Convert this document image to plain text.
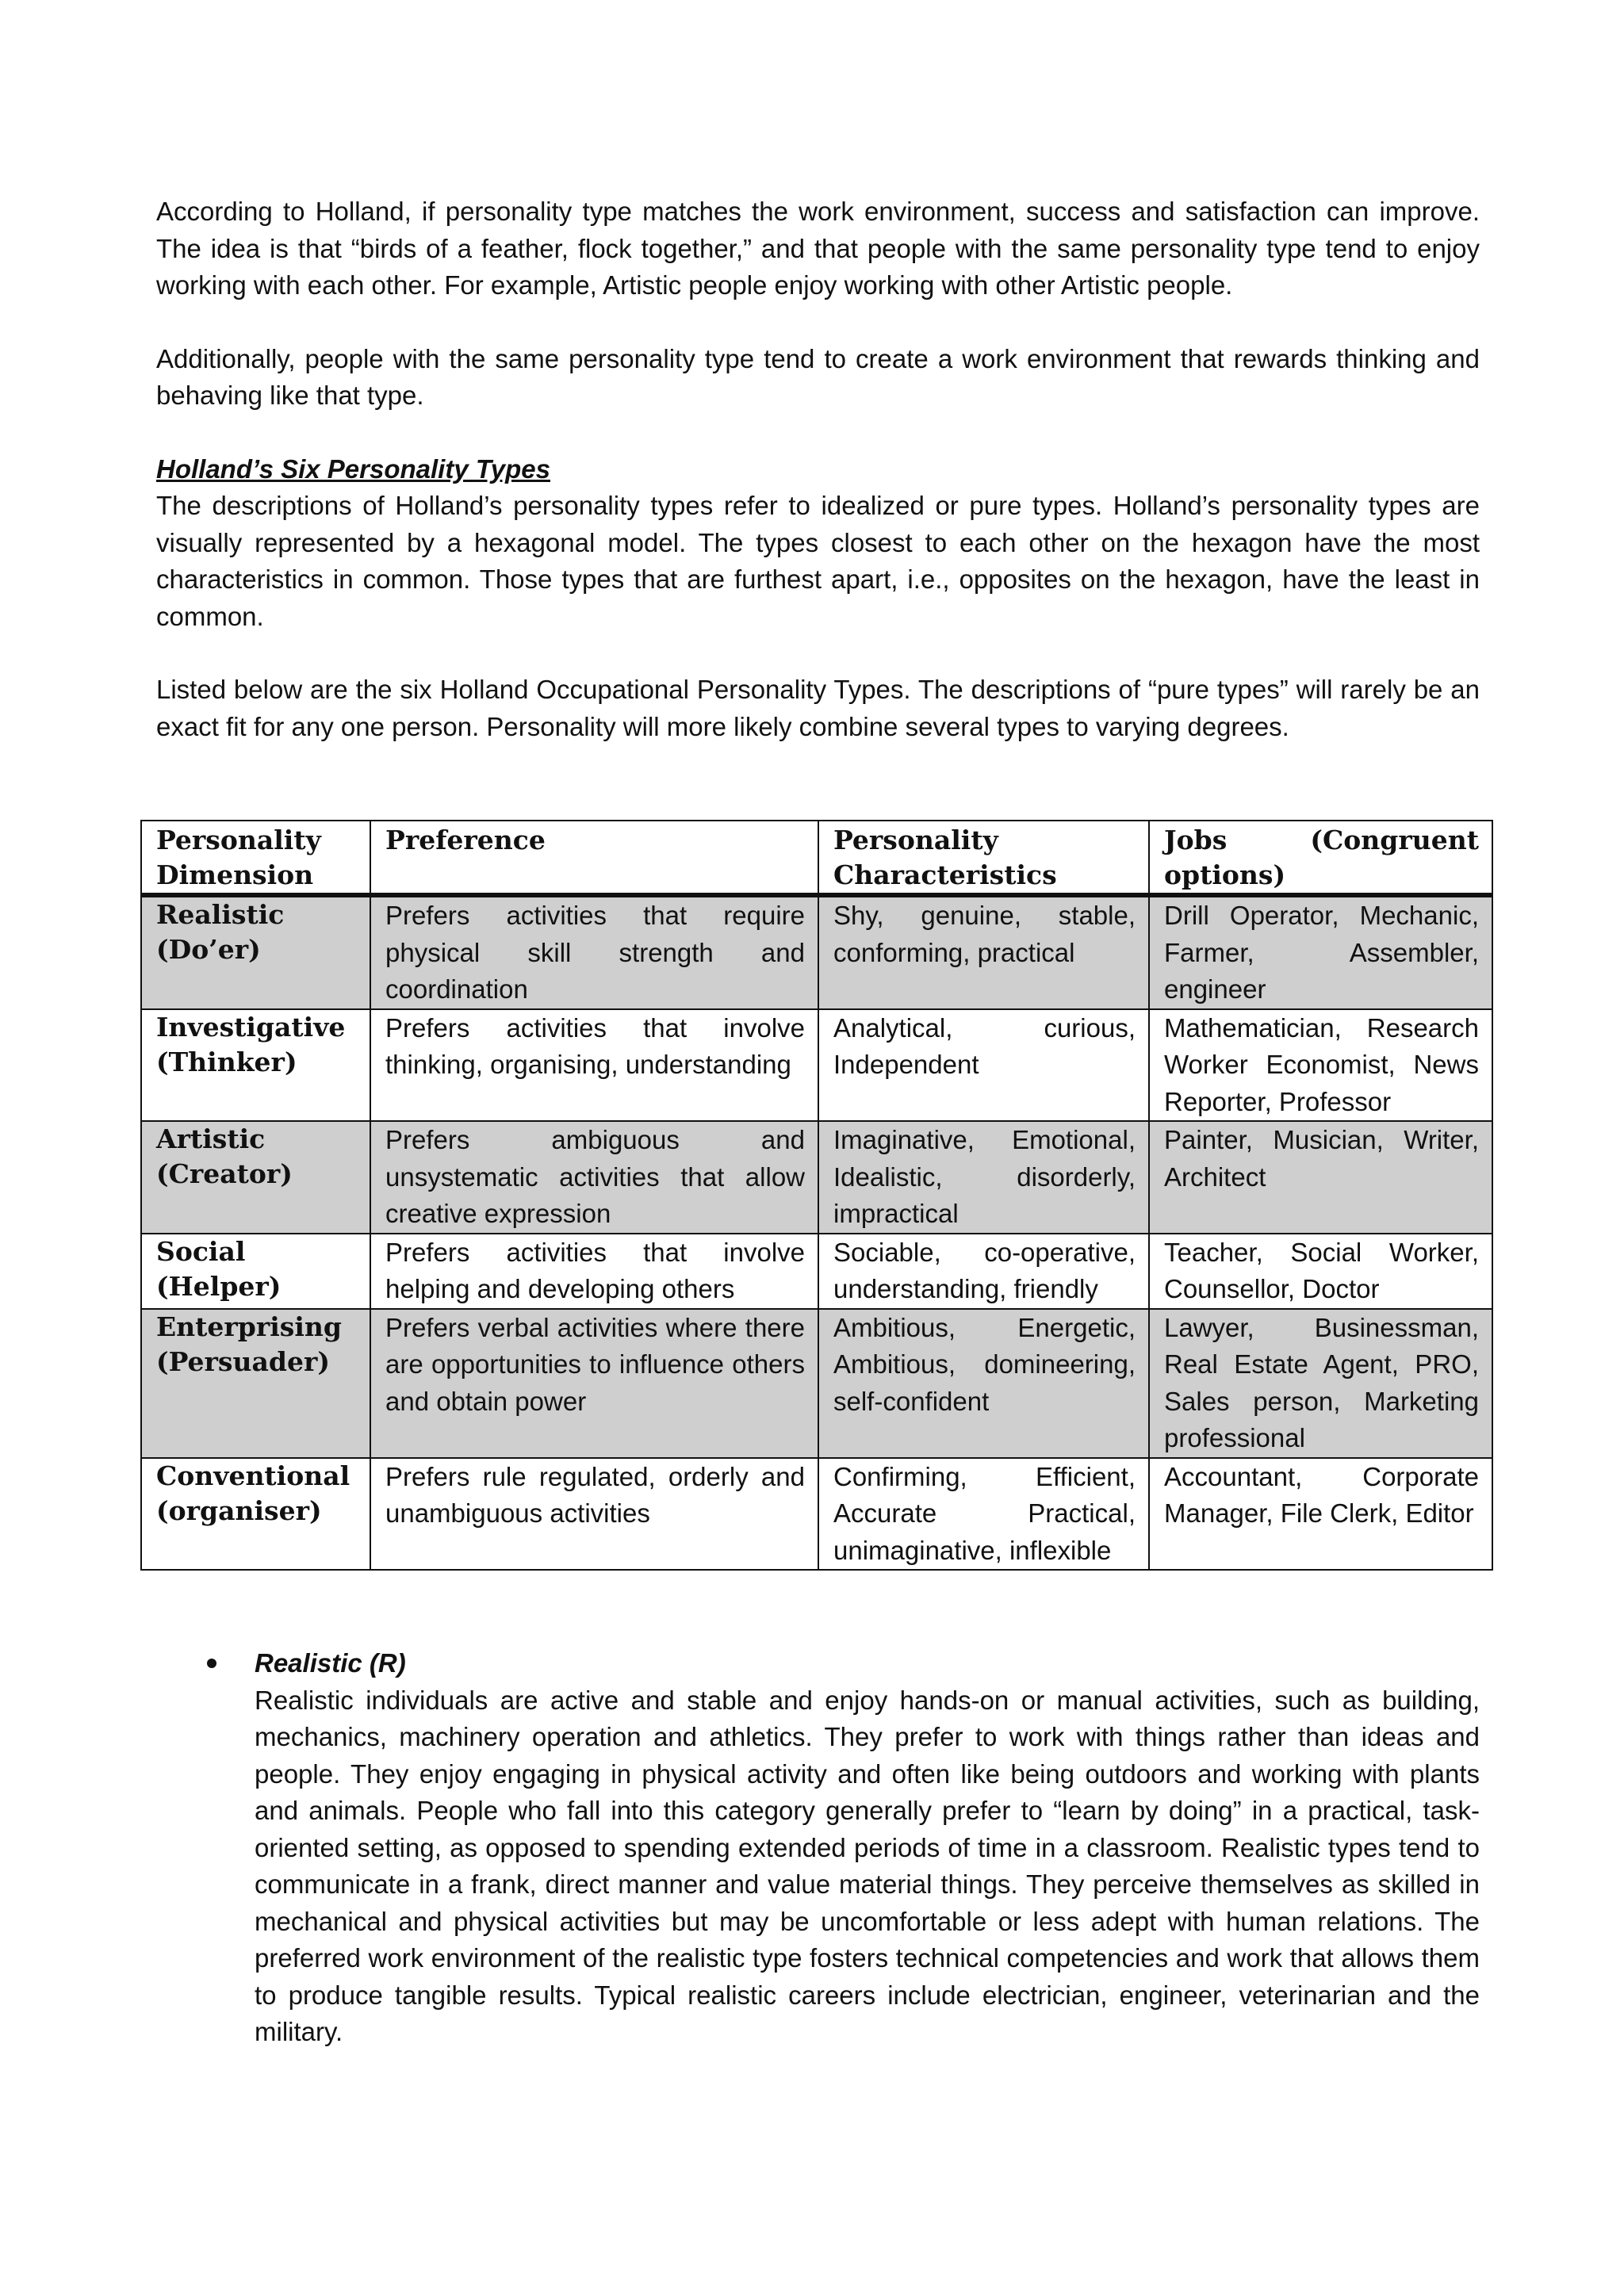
According to Holland, if personality type matches the work environment, success and satisfaction can improve. The idea is that “birds of a feather, flock together,” and that people with the same personality type tend to enjoy working with each other. For example, Artistic people enjoy working with other Artistic people.

Additionally, people with the same personality type tend to create a work environment that rewards thinking and behaving like that type.

Holland’s Six Personality Types

The descriptions of Holland’s personality types refer to idealized or pure types. Holland’s personality types are visually represented by a hexagonal model. The types closest to each other on the hexagon have the most characteristics in common. Those types that are furthest apart, i.e., opposites on the hexagon, have the least in common.

Listed below are the six Holland Occupational Personality Types. The descriptions of “pure types” will rarely be an exact fit for any one person. Personality will more likely combine several types to varying degrees.

Personality Dimension	Preference	Personality Characteristics	Jobs (Congruent options)
Realistic (Do’er)	Prefers activities that require physical skill strength and coordination	Shy, genuine, stable, conforming, practical	Drill Operator, Mechanic, Farmer, Assembler, engineer
Investigative (Thinker)	Prefers activities that involve thinking, organising, understanding	Analytical, curious, Independent	Mathematician, Research Worker Economist, News Reporter, Professor
Artistic (Creator)	Prefers ambiguous and unsystematic activities that allow creative expression	Imaginative, Emotional, Idealistic, disorderly, impractical	Painter, Musician, Writer, Architect
Social (Helper)	Prefers activities that involve helping and developing others	Sociable, co-operative, understanding, friendly	Teacher, Social Worker, Counsellor, Doctor
Enterprising (Persuader)	Prefers verbal activities where there are opportunities to influence others and obtain power	Ambitious, Energetic, Ambitious, domineering, self-confident	Lawyer, Businessman, Real Estate Agent, PRO, Sales person, Marketing professional
Conventional (organiser)	Prefers rule regulated, orderly and unambiguous activities	Confirming, Efficient, Accurate Practical, unimaginative, inflexible	Accountant, Corporate Manager, File Clerk, Editor

Realistic (R)

Realistic individuals are active and stable and enjoy hands-on or manual activities, such as building, mechanics, machinery operation and athletics. They prefer to work with things rather than ideas and people. They enjoy engaging in physical activity and often like being outdoors and working with plants and animals. People who fall into this category generally prefer to “learn by doing” in a practical, task-oriented setting, as opposed to spending extended periods of time in a classroom. Realistic types tend to communicate in a frank, direct manner and value material things. They perceive themselves as skilled in mechanical and physical activities but may be uncomfortable or less adept with human relations. The preferred work environment of the realistic type fosters technical competencies and work that allows them to produce tangible results. Typical realistic careers include electrician, engineer, veterinarian and the military.
